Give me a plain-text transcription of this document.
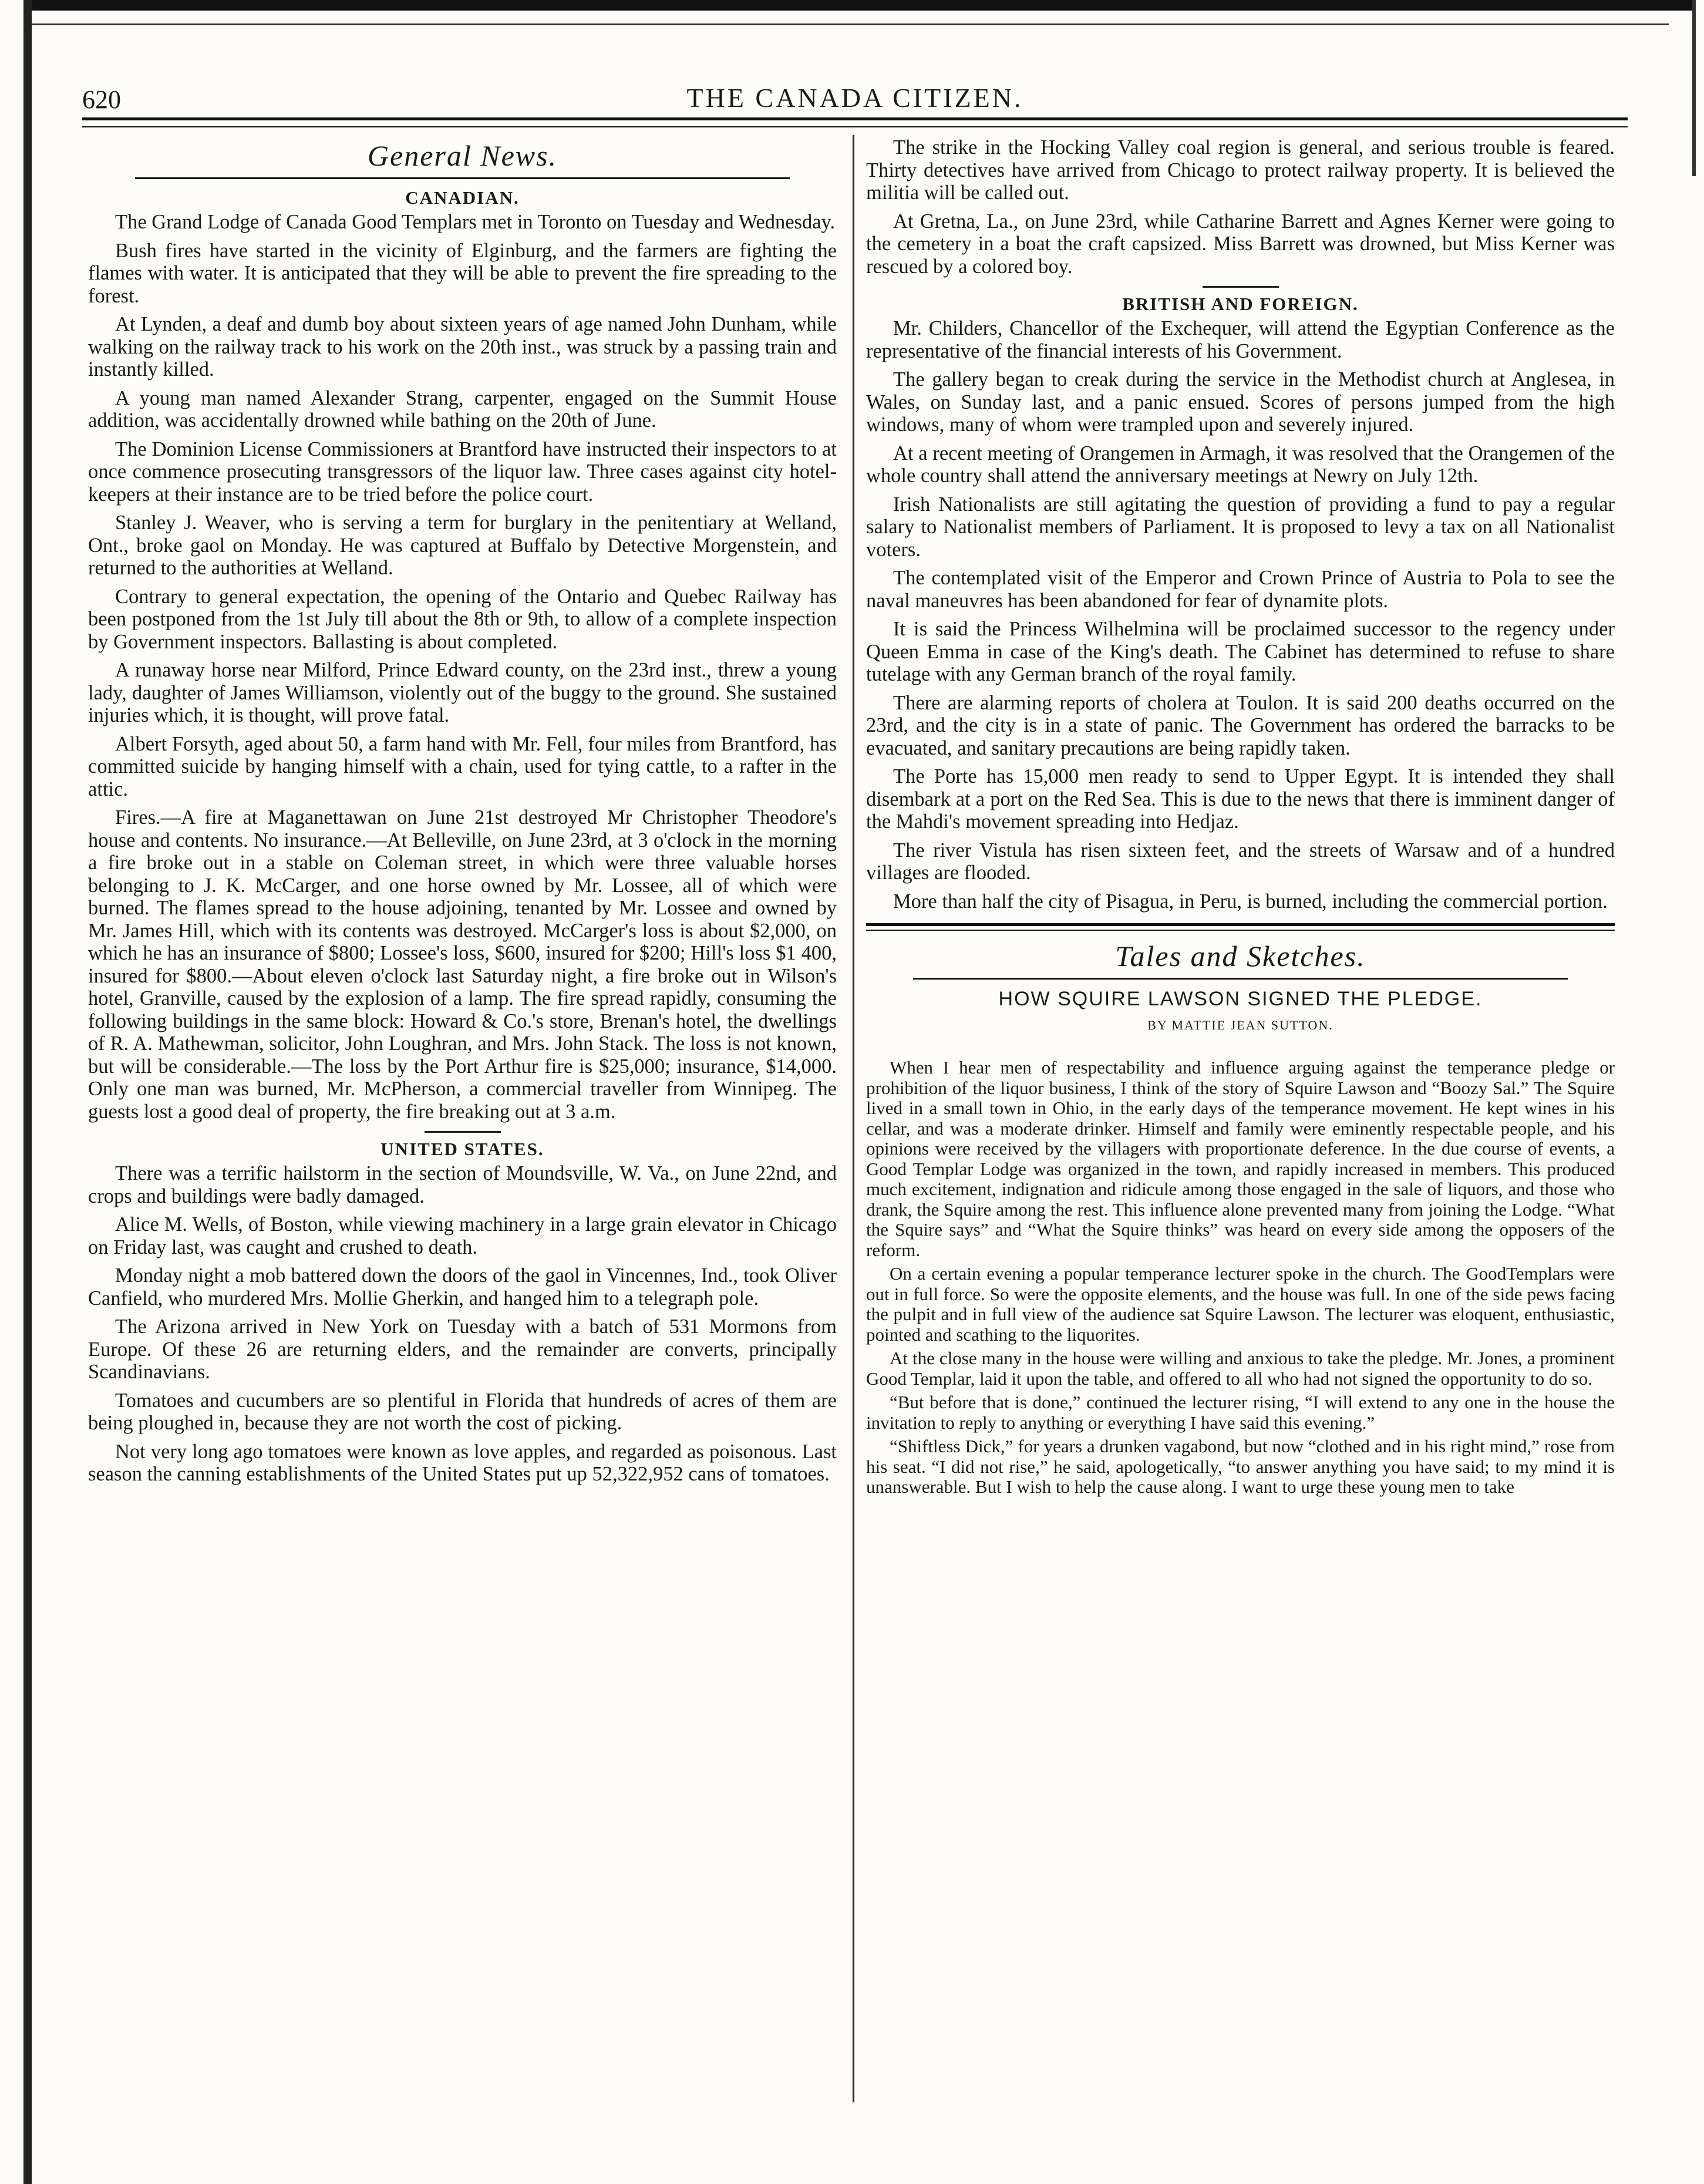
620	THE CANADA CITIZEN.
General News.
CANADIAN.

The Grand Lodge of Canada Good Templars met in Toronto on Tuesday and Wednesday.

Bush fires have started in the vicinity of Elginburg, and the farmers are fighting the flames with water. It is anticipated that they will be able to prevent the fire spreading to the forest.

At Lynden, a deaf and dumb boy about sixteen years of age named John Dunham, while walking on the railway track to his work on the 20th inst., was struck by a passing train and instantly killed.

A young man named Alexander Strang, carpenter, engaged on the Summit House addition, was accidentally drowned while bathing on the 20th of June.

The Dominion License Commissioners at Brantford have instructed their inspectors to at once commence prosecuting transgressors of the liquor law. Three cases against city hotel-keepers at their instance are to be tried before the police court.

Stanley J. Weaver, who is serving a term for burglary in the penitentiary at Welland, Ont., broke gaol on Monday. He was captured at Buffalo by Detective Morgenstein, and returned to the authorities at Welland.

Contrary to general expectation, the opening of the Ontario and Quebec Railway has been postponed from the 1st July till about the 8th or 9th, to allow of a complete inspection by Government inspectors. Ballasting is about completed.

A runaway horse near Milford, Prince Edward county, on the 23rd inst., threw a young lady, daughter of James Williamson, violently out of the buggy to the ground. She sustained injuries which, it is thought, will prove fatal.

Albert Forsyth, aged about 50, a farm hand with Mr. Fell, four miles from Brantford, has committed suicide by hanging himself with a chain, used for tying cattle, to a rafter in the attic.

Fires.—A fire at Maganettawan on June 21st destroyed Mr Christopher Theodore's house and contents. No insurance.—At Belleville, on June 23rd, at 3 o'clock in the morning a fire broke out in a stable on Coleman street, in which were three valuable horses belonging to J. K. McCarger, and one horse owned by Mr. Lossee, all of which were burned. The flames spread to the house adjoining, tenanted by Mr. Lossee and owned by Mr. James Hill, which with its contents was destroyed. McCarger's loss is about $2,000, on which he has an insurance of $800; Lossee's loss, $600, insured for $200; Hill's loss $1 400, insured for $800.—About eleven o'clock last Saturday night, a fire broke out in Wilson's hotel, Granville, caused by the explosion of a lamp. The fire spread rapidly, consuming the following buildings in the same block: Howard & Co.'s store, Brenan's hotel, the dwellings of R. A. Mathewman, solicitor, John Loughran, and Mrs. John Stack. The loss is not known, but will be considerable.—The loss by the Port Arthur fire is $25,000; insurance, $14,000. Only one man was burned, Mr. McPherson, a commercial traveller from Winnipeg. The guests lost a good deal of property, the fire breaking out at 3 a.m.

UNITED STATES.

There was a terrific hailstorm in the section of Moundsville, W. Va., on June 22nd, and crops and buildings were badly damaged.

Alice M. Wells, of Boston, while viewing machinery in a large grain elevator in Chicago on Friday last, was caught and crushed to death.

Monday night a mob battered down the doors of the gaol in Vincennes, Ind., took Oliver Canfield, who murdered Mrs. Mollie Gherkin, and hanged him to a telegraph pole.

The Arizona arrived in New York on Tuesday with a batch of 531 Mormons from Europe. Of these 26 are returning elders, and the remainder are converts, principally Scandinavians.

Tomatoes and cucumbers are so plentiful in Florida that hundreds of acres of them are being ploughed in, because they are not worth the cost of picking.

Not very long ago tomatoes were known as love apples, and regarded as poisonous. Last season the canning establishments of the United States put up 52,322,952 cans of tomatoes.

The strike in the Hocking Valley coal region is general, and serious trouble is feared. Thirty detectives have arrived from Chicago to protect railway property. It is believed the militia will be called out.

At Gretna, La., on June 23rd, while Catharine Barrett and Agnes Kerner were going to the cemetery in a boat the craft capsized. Miss Barrett was drowned, but Miss Kerner was rescued by a colored boy.

BRITISH AND FOREIGN.

Mr. Childers, Chancellor of the Exchequer, will attend the Egyptian Conference as the representative of the financial interests of his Government.

The gallery began to creak during the service in the Methodist church at Anglesea, in Wales, on Sunday last, and a panic ensued. Scores of persons jumped from the high windows, many of whom were trampled upon and severely injured.

At a recent meeting of Orangemen in Armagh, it was resolved that the Orangemen of the whole country shall attend the anniversary meetings at Newry on July 12th.

Irish Nationalists are still agitating the question of providing a fund to pay a regular salary to Nationalist members of Parliament. It is proposed to levy a tax on all Nationalist voters.

The contemplated visit of the Emperor and Crown Prince of Austria to Pola to see the naval maneuvres has been abandoned for fear of dynamite plots.

It is said the Princess Wilhelmina will be proclaimed successor to the regency under Queen Emma in case of the King's death. The Cabinet has determined to refuse to share tutelage with any German branch of the royal family.

There are alarming reports of cholera at Toulon. It is said 200 deaths occurred on the 23rd, and the city is in a state of panic. The Government has ordered the barracks to be evacuated, and sanitary precautions are being rapidly taken.

The Porte has 15,000 men ready to send to Upper Egypt. It is intended they shall disembark at a port on the Red Sea. This is due to the news that there is imminent danger of the Mahdi's movement spreading into Hedjaz.

The river Vistula has risen sixteen feet, and the streets of Warsaw and of a hundred villages are flooded.

More than half the city of Pisagua, in Peru, is burned, including the commercial portion.

Tales and Sketches.
HOW SQUIRE LAWSON SIGNED THE PLEDGE.
BY MATTIE JEAN SUTTON.

When I hear men of respectability and influence arguing against the temperance pledge or prohibition of the liquor business, I think of the story of Squire Lawson and “Boozy Sal.” The Squire lived in a small town in Ohio, in the early days of the temperance movement. He kept wines in his cellar, and was a moderate drinker. Himself and family were eminently respectable people, and his opinions were received by the villagers with proportionate deference. In the due course of events, a Good Templar Lodge was organized in the town, and rapidly increased in members. This produced much excitement, indignation and ridicule among those engaged in the sale of liquors, and those who drank, the Squire among the rest. This influence alone prevented many from joining the Lodge. “What the Squire says” and “What the Squire thinks” was heard on every side among the opposers of the reform.

On a certain evening a popular temperance lecturer spoke in the church. The GoodTemplars were out in full force. So were the opposite elements, and the house was full. In one of the side pews facing the pulpit and in full view of the audience sat Squire Lawson. The lecturer was eloquent, enthusiastic, pointed and scathing to the liquorites.

At the close many in the house were willing and anxious to take the pledge. Mr. Jones, a prominent Good Templar, laid it upon the table, and offered to all who had not signed the opportunity to do so.

“But before that is done,” continued the lecturer rising, “I will extend to any one in the house the invitation to reply to anything or everything I have said this evening.”

“Shiftless Dick,” for years a drunken vagabond, but now “clothed and in his right mind,” rose from his seat. “I did not rise,” he said, apologetically, “to answer anything you have said; to my mind it is unanswerable. But I wish to help the cause along. I want to urge these young men to take
